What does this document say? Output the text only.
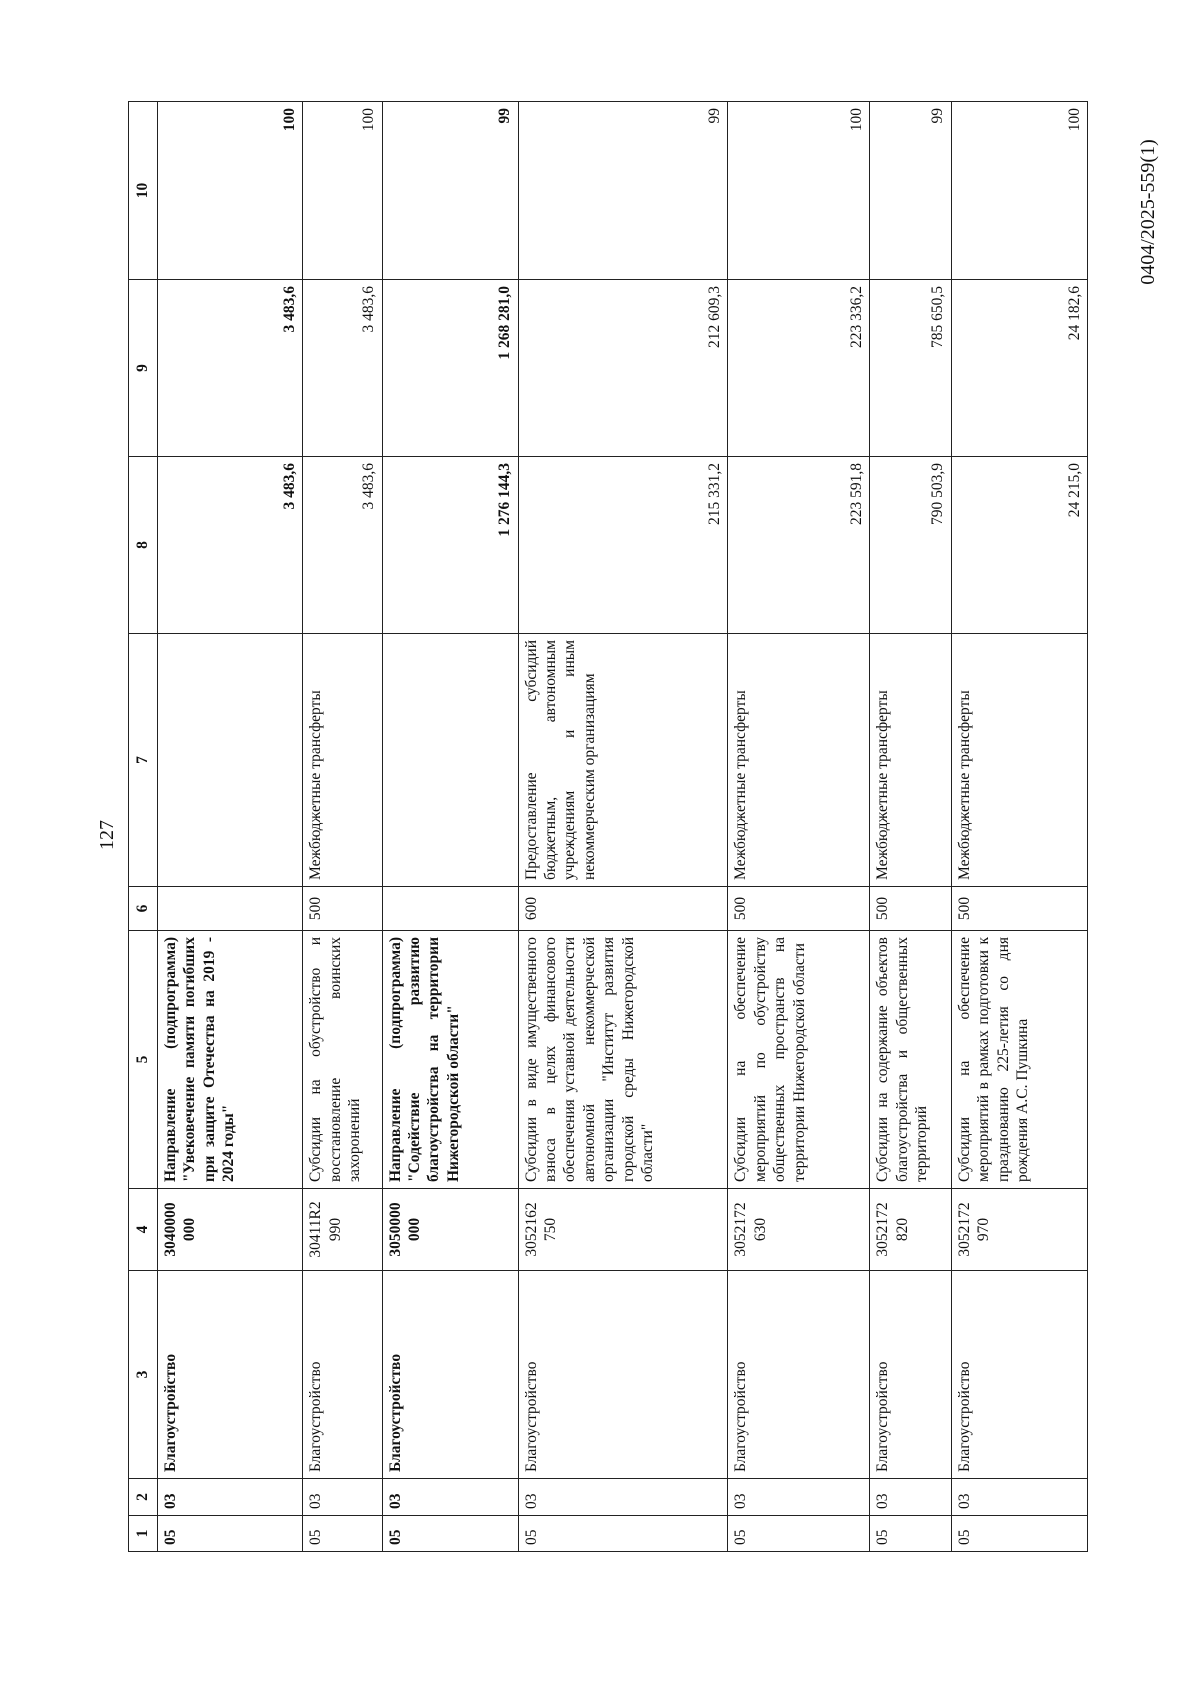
127
0404/2025-559(1)
1	2	3	4	5	6	7	8	9	10
05	03	Благоустройство	3040000 000	Направление (подпрограмма) "Увековечение памяти погибших при защите Отечества на 2019 - 2024 годы"			3 483,6	3 483,6	100
05	03	Благоустройство	30411R2 990	Субсидии на обустройство и восстановление воинских захоронений	500	Межбюджетные трансферты	3 483,6	3 483,6	100
05	03	Благоустройство	3050000 000	Направление (подпрограмма) "Содействие развитию благоустройства на территории Нижегородской области"			1 276 144,3	1 268 281,0	99
05	03	Благоустройство	3052162 750	Субсидии в виде имущественного взноса в целях финансового обеспечения уставной деятельности автономной некоммерческой организации "Институт развития городской среды Нижегородской области"	600	Предоставление субсидий бюджетным, автономным учреждениям и иным некоммерческим организациям	215 331,2	212 609,3	99
05	03	Благоустройство	3052172 630	Субсидии на обеспечение мероприятий по обустройству общественных пространств на территории Нижегородской области	500	Межбюджетные трансферты	223 591,8	223 336,2	100
05	03	Благоустройство	3052172 820	Субсидии на содержание объектов благоустройства и общественных территорий	500	Межбюджетные трансферты	790 503,9	785 650,5	99
05	03	Благоустройство	3052172 970	Субсидии на обеспечение мероприятий в рамках подготовки к празднованию 225-летия со дня рождения А.С. Пушкина	500	Межбюджетные трансферты	24 215,0	24 182,6	100
